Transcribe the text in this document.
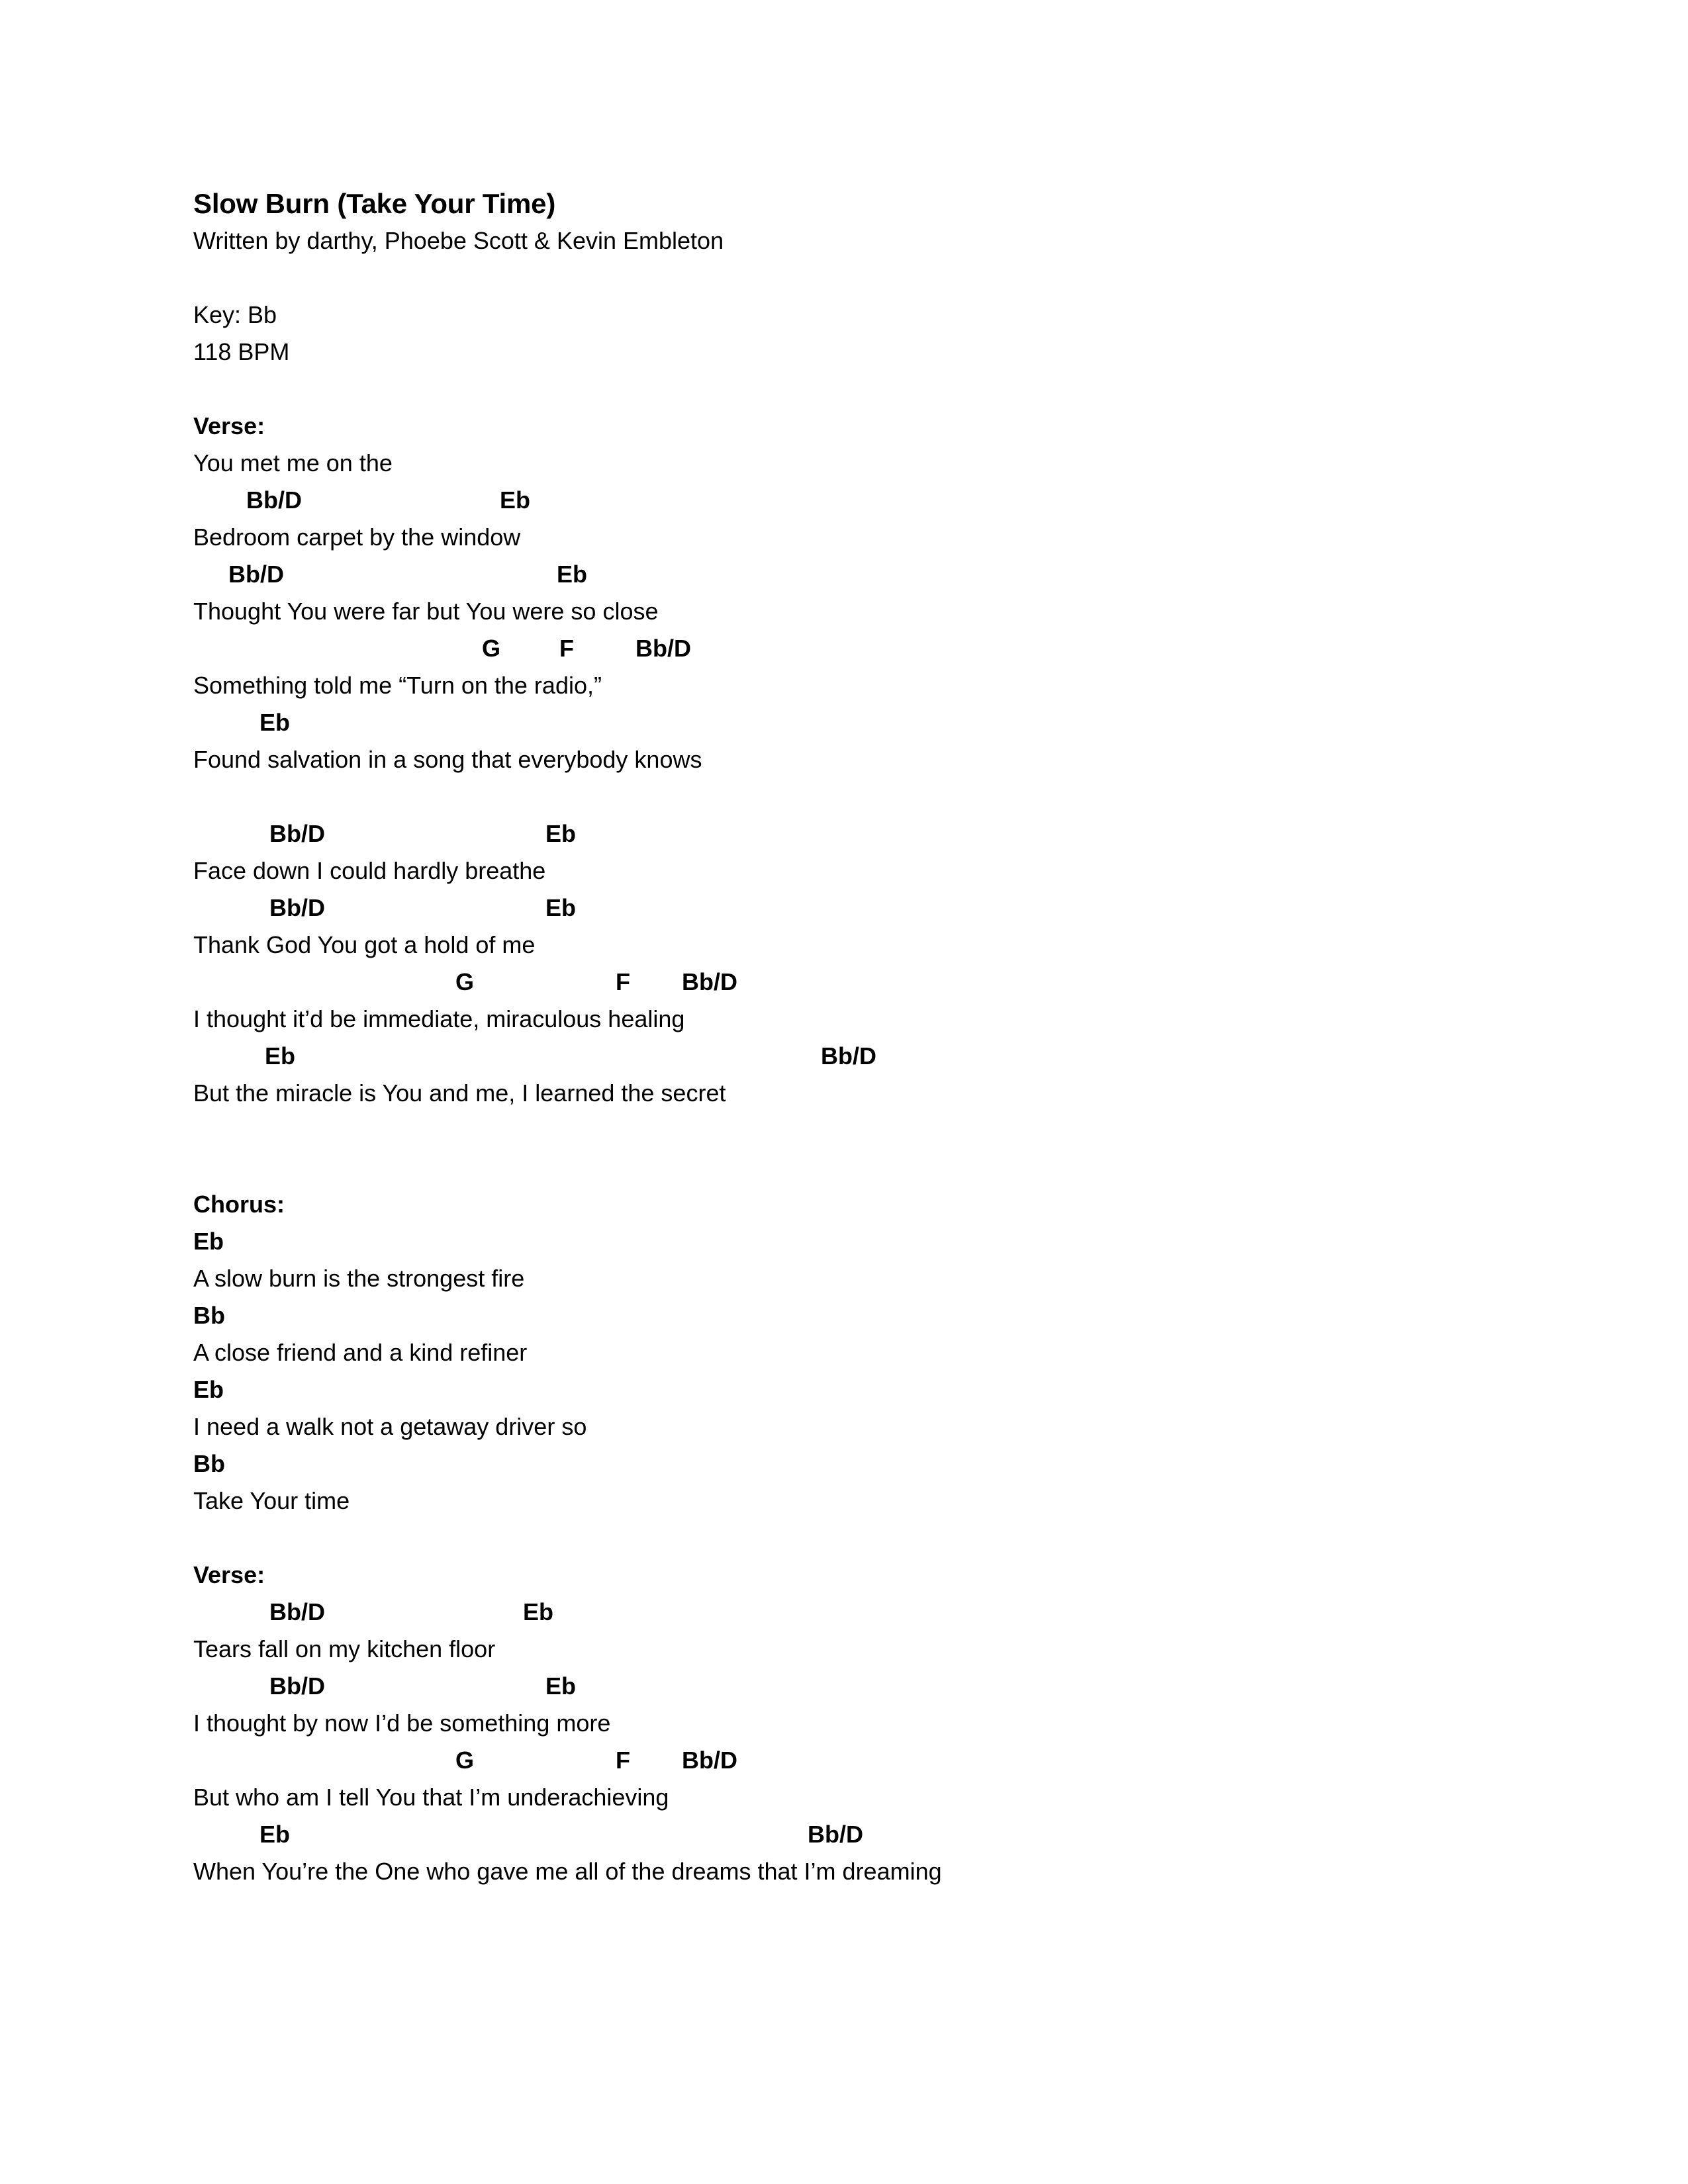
Slow Burn (Take Your Time)

Written by darthy, Phoebe Scott & Kevin Embleton

Key: Bb

118 BPM

Verse:

You met me on the

Bb/D	Eb

Bedroom carpet by the window

Bb/D	Eb

Thought You were far but You were so close

G F	Bb/D

Something told me “Turn on the radio,”

Eb

Found salvation in a song that everybody knows

Bb/D	Eb

Face down I could hardly breathe

Bb/D	Eb

Thank God You got a hold of me

G	F Bb/D

I thought it’d be immediate, miraculous healing

Eb	Bb/D

But the miracle is You and me, I learned the secret

Chorus:

Eb

A slow burn is the strongest fire

Bb

A close friend and a kind refiner

Eb

I need a walk not a getaway driver so

Bb

Take Your time

Verse:

Bb/D	Eb

Tears fall on my kitchen floor

Bb/D	Eb

I thought by now I’d be something more

G	F Bb/D

But who am I tell You that I’m underachieving

Eb	Bb/D

When You’re the One who gave me all of the dreams that I’m dreaming
